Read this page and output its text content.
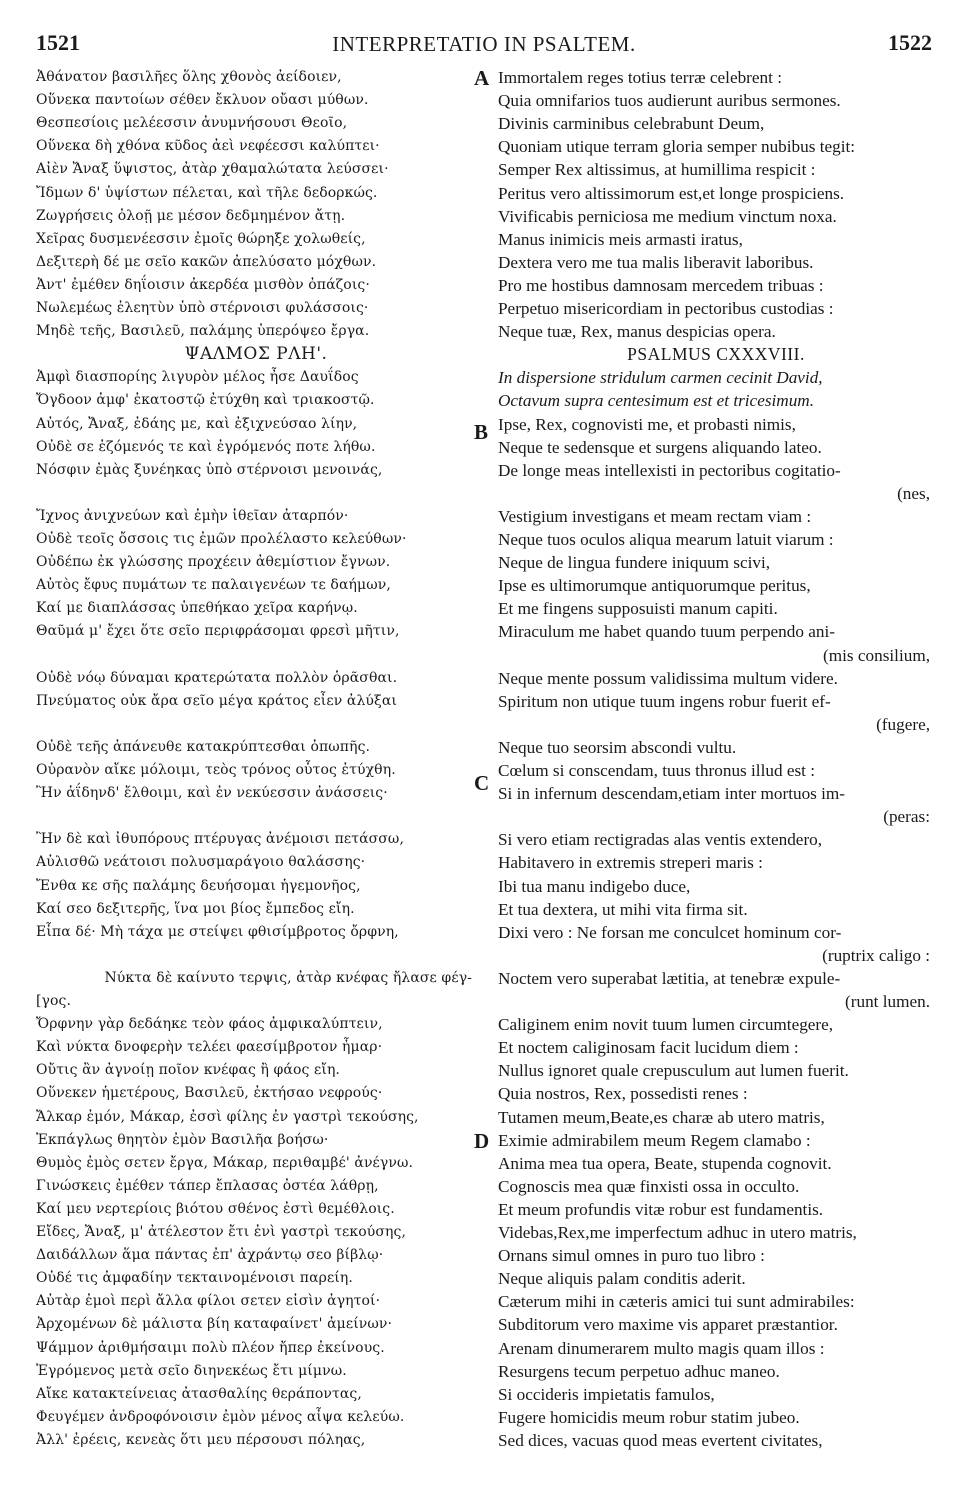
1521	INTERPRETATIO IN PSALTEM.	1522
Ἀθάνατον βασιλῆες ὅλης χθονὸς ἀείδοιεν,
Οὕνεκα παντοίων σέθεν ἔκλυον οὔασι μύθων.
Θεσπεσίοις μελέεσσιν ἀνυμνήσουσι Θεοῖο,
Οὕνεκα δὴ χθόνα κῦδος ἀεὶ νεφέεσσι καλύπτει·
Αἰὲν Ἄναξ ὕψιστος, ἀτὰρ χθαμαλώτατα λεύσσει·
Ἴδμων δ' ὑψίστων πέλεται, καὶ τῆλε δεδορκώς.
Ζωγρήσεις ὀλοῇ με μέσον δεδμημένον ἄτῃ.
Χεῖρας δυσμενέεσσιν ἐμοῖς θώρηξε χολωθείς,
Δεξιτερὴ δέ με σεῖο κακῶν ἀπελύσατο μόχθων.
Ἀντ' ἐμέθεν δηΐοισιν ἀκερδέα μισθὸν ὀπάζοις·
Νωλεμέως ἐλεητὺν ὑπὸ στέρνοισι φυλάσσοις·
Μηδὲ τεῆς, Βασιλεῦ, παλάμης ὑπερόψεο ἔργα.
ΨΑΛΜΟΣ ΡΛΗ'.
Ἀμφὶ διασπορίης λιγυρὸν μέλος ἦσε Δαυΐδος
Ὄγδοον ἀμφ' ἑκατοστῷ ἐτύχθη καὶ τριακοστῷ.
Αὐτός, Ἄναξ, ἐδάης με, καὶ ἐξιχνεύσαο λίην,
Οὐδὲ σε ἑζόμενός τε καὶ ἐγρόμενός ποτε λήθω.
Νόσφιν ἐμὰς ξυνέηκας ὑπὸ στέρνοισι μενοινάς,
Ἴχνος ἀνιχνεύων καὶ ἐμὴν ἰθεῖαν ἀταρπόν·
Οὐδὲ τεοῖς ὄσσοις τις ἐμῶν προλέλαστο κελεύθων·
Οὐδέπω ἐκ γλώσσης προχέειν ἀθεμίστιον ἔγνων.
Αὐτὸς ἔφυς πυμάτων τε παλαιγενέων τε δαήμων,
Καί με διαπλάσσας ὑπεθήκαο χεῖρα καρήνῳ.
Θαῦμά μ' ἔχει ὅτε σεῖο περιφράσομαι φρεσὶ μῆτιν,
Οὐδὲ νόῳ δύναμαι κρατερώτατα πολλὸν ὁρᾶσθαι.
Πνεύματος οὐκ ἄρα σεῖο μέγα κράτος εἶεν ἀλύξαι
Οὐδὲ τεῆς ἀπάνευθε κατακρύπτεσθαι ὀπωπῆς.
Οὐρανὸν αἴκε μόλοιμι, τεὸς τρόνος οὗτος ἐτύχθη.
Ἢν ἀΐδηνδ' ἔλθοιμι, καὶ ἐν νεκύεσσιν ἀνάσσεις·
Ἢν δὲ καὶ ἰθυπόρους πτέρυγας ἀνέμοισι πετάσσω,
Αὐλισθῶ νεάτοισι πολυσμαράγοιο θαλάσσης·
Ἔνθα κε σῆς παλάμης δευήσομαι ἡγεμονῆος,
Καί σεο δεξιτερῆς, ἵνα μοι βίος ἔμπεδος εἴη.
Εἶπα δέ· Μὴ τάχα με στείψει φθισίμβροτος ὄρφνη,
Νύκτα δὲ καίνυτο τερψις, ἀτὰρ κνέφας ἤλασε φέγ-
[γος.
Ὄρφνην γὰρ δεδάηκε τεὸν φάος ἀμφικαλύπτειν,
Καὶ νύκτα δνοφερὴν τελέει φαεσίμβροτον ἦμαρ·
Οὔτις ἂν ἀγνοίῃ ποῖον κνέφας ἢ φάος εἴη.
Οὕνεκεν ἡμετέρους, Βασιλεῦ, ἐκτήσαο νεφρούς·
Ἄλκαρ ἐμόν, Μάκαρ, ἐσσὶ φίλης ἐν γαστρὶ τεκούσης,
Ἐκπάγλως θηητὸν ἐμὸν Βασιλῆα βοήσω·
Θυμὸς ἐμὸς σετεν ἔργα, Μάκαρ, περιθαμβέ' ἀνέγνω.
Γινώσκεις ἐμέθεν τάπερ ἔπλασας ὀστέα λάθρῃ,
Καί μευ νερτερίοις βιότου σθένος ἐστὶ θεμέθλοις.
Εἴδες, Ἄναξ, μ' ἀτέλεστον ἔτι ἐνὶ γαστρὶ τεκούσης,
Δαιδάλλων ἅμα πάντας ἐπ' ἀχράντῳ σεο βίβλῳ·
Οὐδέ τις ἀμφαδίην τεκταινομένοισι παρείη.
Αὐτὰρ ἐμοὶ περὶ ἄλλα φίλοι σετεν εἰσὶν ἀγητοί·
Ἀρχομένων δὲ μάλιστα βίη καταφαίνετ' ἀμείνων·
Ψάμμον ἀριθμήσαιμι πολὺ πλέον ἤπερ ἐκείνους.
Ἐγρόμενος μετὰ σεῖο διηνεκέως ἔτι μίμνω.
Αἴκε κατακτείνειας ἀτασθαλίης θεράποντας,
Φευγέμεν ἀνδροφόνοισιν ἐμὸν μένος αἶψα κελεύω.
Ἀλλ' ἐρέεις, κενεὰς ὅτι μευ πέρσουσι πόληας,
Immortalem reges totius terræ celebrent :
Quia omnifarios tuos audierunt auribus sermones.
Divinis carminibus celebrabunt Deum,
Quoniam utique terram gloria semper nubibus tegit:
Semper Rex altissimus, at humillima respicit :
Peritus vero altissimorum est,et longe prospiciens.
Vivificabis perniciosa me medium vinctum noxa.
Manus inimicis meis armasti iratus,
Dextera vero me tua malis liberavit laboribus.
Pro me hostibus damnosam mercedem tribuas :
Perpetuo misericordiam in pectoribus custodias :
Neque tuæ, Rex, manus despicias opera.
PSALMUS CXXXVIII.
In dispersione stridulum carmen cecinit David,
Octavum supra centesimum est et tricesimum.
Ipse, Rex, cognovisti me, et probasti nimis,
Neque te sedensque et surgens aliquando lateo.
De longe meas intellexisti in pectoribus cogitatio-
(nes,
Vestigium investigans et meam rectam viam :
Neque tuos oculos aliqua mearum latuit viarum :
Neque de lingua fundere iniquum scivi,
Ipse es ultimorumque antiquorumque peritus,
Et me fingens supposuisti manum capiti.
Miraculum me habet quando tuum perpendo ani-
(mis consilium,
Neque mente possum validissima multum videre.
Spiritum non utique tuum ingens robur fuerit ef-
(fugere,
Neque tuo seorsim abscondi vultu.
Cœlum si conscendam, tuus thronus illud est :
Si in infernum descendam,etiam inter mortuos im-
(peras:
Si vero etiam rectigradas alas ventis extendero,
Habitavero in extremis streperi maris :
Ibi tua manu indigebo duce,
Et tua dextera, ut mihi vita firma sit.
Dixi vero : Ne forsan me conculcet hominum cor-
(ruptrix caligo :
Noctem vero superabat lætitia, at tenebræ expule-
(runt lumen.
Caliginem enim novit tuum lumen circumtegere,
Et noctem caliginosam facit lucidum diem :
Nullus ignoret quale crepusculum aut lumen fuerit.
Quia nostros, Rex, possedisti renes :
Tutamen meum,Beate,es charæ ab utero matris,
Eximie admirabilem meum Regem clamabo :
Anima mea tua opera, Beate, stupenda cognovit.
Cognoscis mea quæ finxisti ossa in occulto.
Et meum profundis vitæ robur est fundamentis.
Videbas,Rex,me imperfectum adhuc in utero matris,
Ornans simul omnes in puro tuo libro :
Neque aliquis palam conditis aderit.
Cæterum mihi in cæteris amici tui sunt admirabiles:
Subditorum vero maxime vis apparet præstantior.
Arenam dinumerarem multo magis quam illos :
Resurgens tecum perpetuo adhuc maneo.
Si occideris impietatis famulos,
Fugere homicidis meum robur statim jubeo.
Sed dices, vacuas quod meas evertent civitates,
A
B
C
D
